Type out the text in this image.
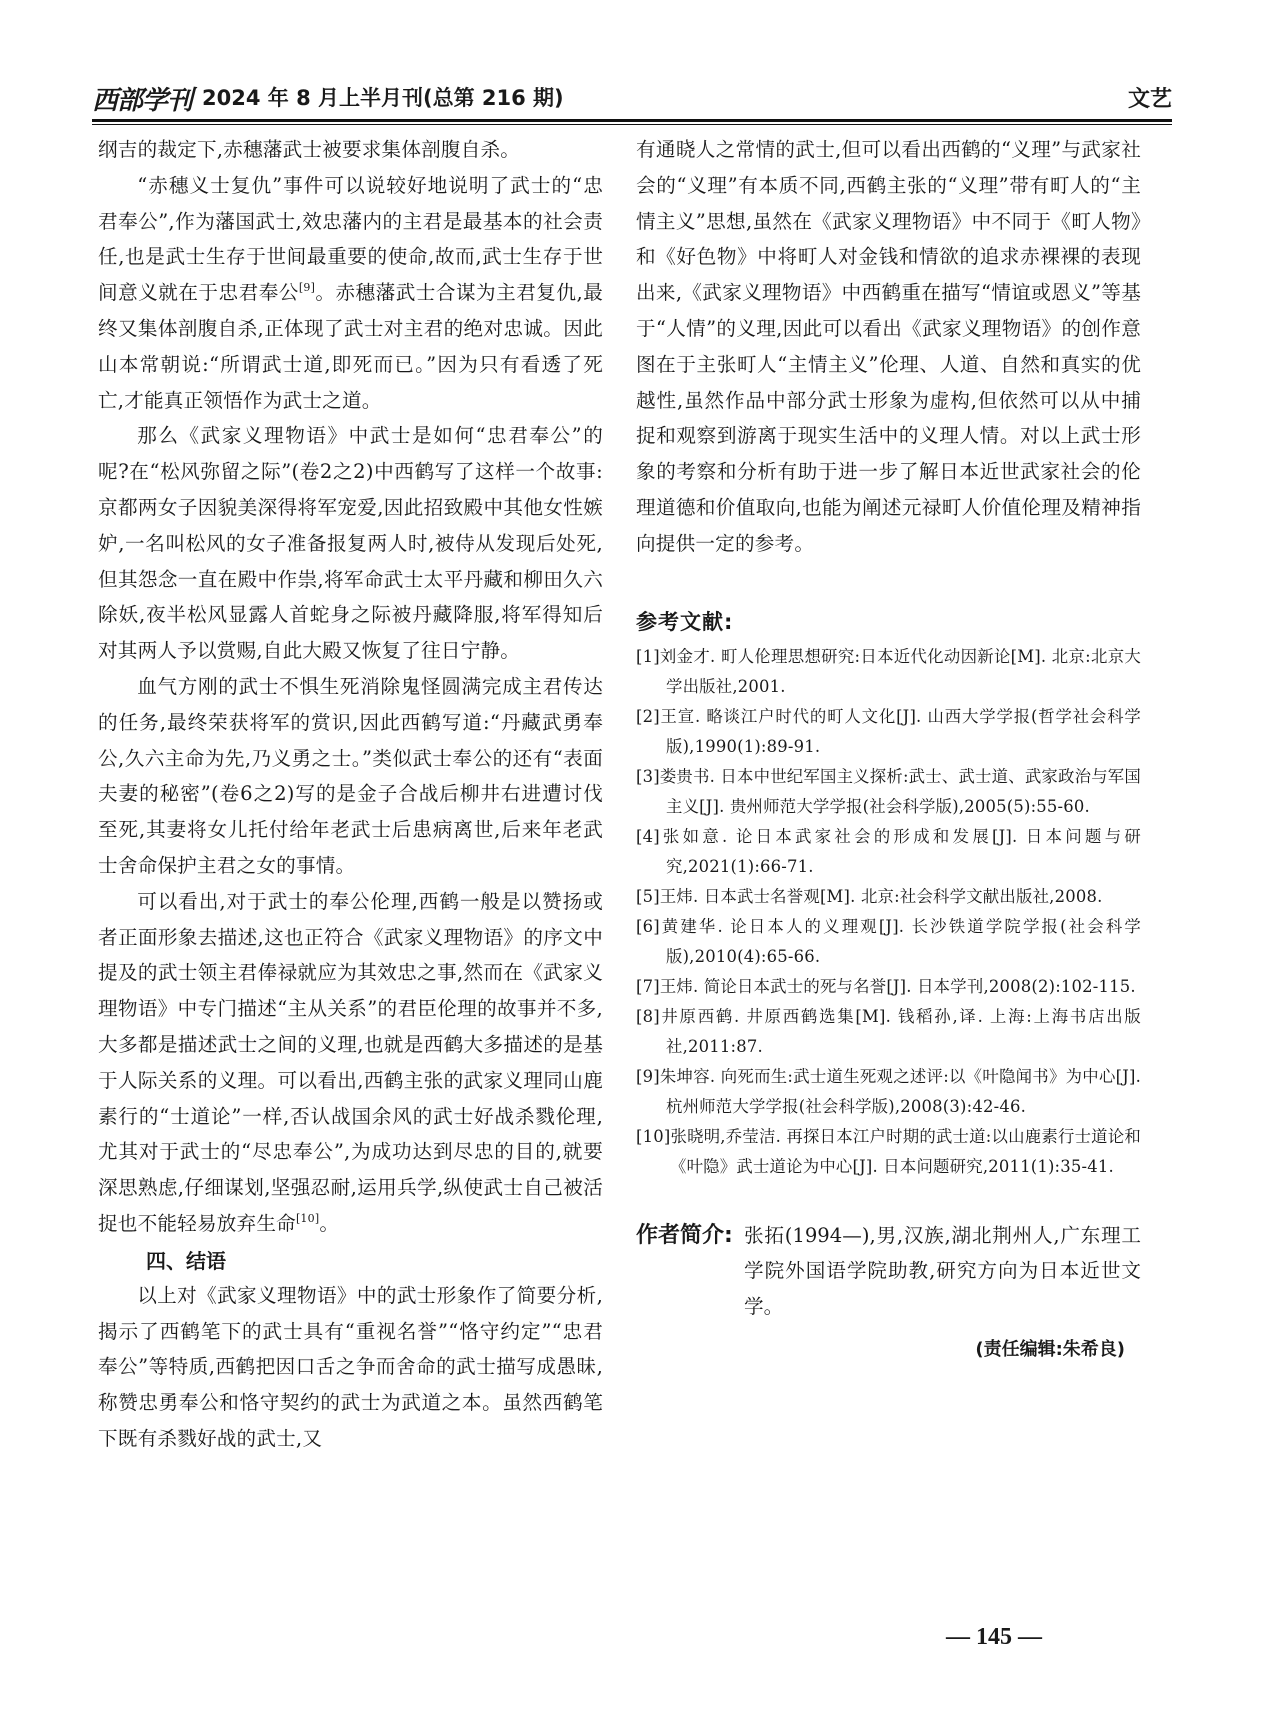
西部学刊 2024 年 8 月上半月刊(总第 216 期)	文艺

纲吉的裁定下,赤穗藩武士被要求集体剖腹自杀。

“赤穗义士复仇”事件可以说较好地说明了武士的“忠君奉公”,作为藩国武士,效忠藩内的主君是最基本的社会责任,也是武士生存于世间最重要的使命,故而,武士生存于世间意义就在于忠君奉公[9]。赤穗藩武士合谋为主君复仇,最终又集体剖腹自杀,正体现了武士对主君的绝对忠诚。因此山本常朝说:“所谓武士道,即死而已。”因为只有看透了死亡,才能真正领悟作为武士之道。

那么《武家义理物语》中武士是如何“忠君奉公”的呢?在“松风弥留之际”(卷2之2)中西鹤写了这样一个故事:京都两女子因貌美深得将军宠爱,因此招致殿中其他女性嫉妒,一名叫松风的女子准备报复两人时,被侍从发现后处死,但其怨念一直在殿中作祟,将军命武士太平丹藏和柳田久六除妖,夜半松风显露人首蛇身之际被丹藏降服,将军得知后对其两人予以赏赐,自此大殿又恢复了往日宁静。

血气方刚的武士不惧生死消除鬼怪圆满完成主君传达的任务,最终荣获将军的赏识,因此西鹤写道:“丹藏武勇奉公,久六主命为先,乃义勇之士。”类似武士奉公的还有“表面夫妻的秘密”(卷6之2)写的是金子合战后柳井右进遭讨伐至死,其妻将女儿托付给年老武士后患病离世,后来年老武士舍命保护主君之女的事情。

可以看出,对于武士的奉公伦理,西鹤一般是以赞扬或者正面形象去描述,这也正符合《武家义理物语》的序文中提及的武士领主君俸禄就应为其效忠之事,然而在《武家义理物语》中专门描述“主从关系”的君臣伦理的故事并不多,大多都是描述武士之间的义理,也就是西鹤大多描述的是基于人际关系的义理。可以看出,西鹤主张的武家义理同山鹿素行的“士道论”一样,否认战国余风的武士好战杀戮伦理,尤其对于武士的“尽忠奉公”,为成功达到尽忠的目的,就要深思熟虑,仔细谋划,坚强忍耐,运用兵学,纵使武士自己被活捉也不能轻易放弃生命[10]。

四、结语

以上对《武家义理物语》中的武士形象作了简要分析,揭示了西鹤笔下的武士具有“重视名誉”“恪守约定”“忠君奉公”等特质,西鹤把因口舌之争而舍命的武士描写成愚昧,称赞忠勇奉公和恪守契约的武士为武道之本。虽然西鹤笔下既有杀戮好战的武士,又

有通晓人之常情的武士,但可以看出西鹤的“义理”与武家社会的“义理”有本质不同,西鹤主张的“义理”带有町人的“主情主义”思想,虽然在《武家义理物语》中不同于《町人物》和《好色物》中将町人对金钱和情欲的追求赤裸裸的表现出来,《武家义理物语》中西鹤重在描写“情谊或恩义”等基于“人情”的义理,因此可以看出《武家义理物语》的创作意图在于主张町人“主情主义”伦理、人道、自然和真实的优越性,虽然作品中部分武士形象为虚构,但依然可以从中捕捉和观察到游离于现实生活中的义理人情。对以上武士形象的考察和分析有助于进一步了解日本近世武家社会的伦理道德和价值取向,也能为阐述元禄町人价值伦理及精神指向提供一定的参考。

参考文献:
[1]刘金才. 町人伦理思想研究:日本近代化动因新论[M]. 北京:北京大学出版社,2001.
[2]王宣. 略谈江户时代的町人文化[J]. 山西大学学报(哲学社会科学版),1990(1):89-91.
[3]娄贵书. 日本中世纪军国主义探析:武士、武士道、武家政治与军国主义[J]. 贵州师范大学学报(社会科学版),2005(5):55-60.
[4]张如意. 论日本武家社会的形成和发展[J]. 日本问题与研究,2021(1):66-71.
[5]王炜. 日本武士名誉观[M]. 北京:社会科学文献出版社,2008.
[6]黄建华. 论日本人的义理观[J]. 长沙铁道学院学报(社会科学版),2010(4):65-66.
[7]王炜. 简论日本武士的死与名誉[J]. 日本学刊,2008(2):102-115.
[8]井原西鹤. 井原西鹤选集[M]. 钱稻孙,译. 上海:上海书店出版社,2011:87.
[9]朱坤容. 向死而生:武士道生死观之述评:以《叶隐闻书》为中心[J]. 杭州师范大学学报(社会科学版),2008(3):42-46.
[10]张晓明,乔莹洁. 再探日本江户时期的武士道:以山鹿素行士道论和《叶隐》武士道论为中心[J]. 日本问题研究,2011(1):35-41.
作者简介: 张拓(1994—),男,汉族,湖北荆州人,广东理工学院外国语学院助教,研究方向为日本近世文学。
(责任编辑:朱希良)
— 145 —
